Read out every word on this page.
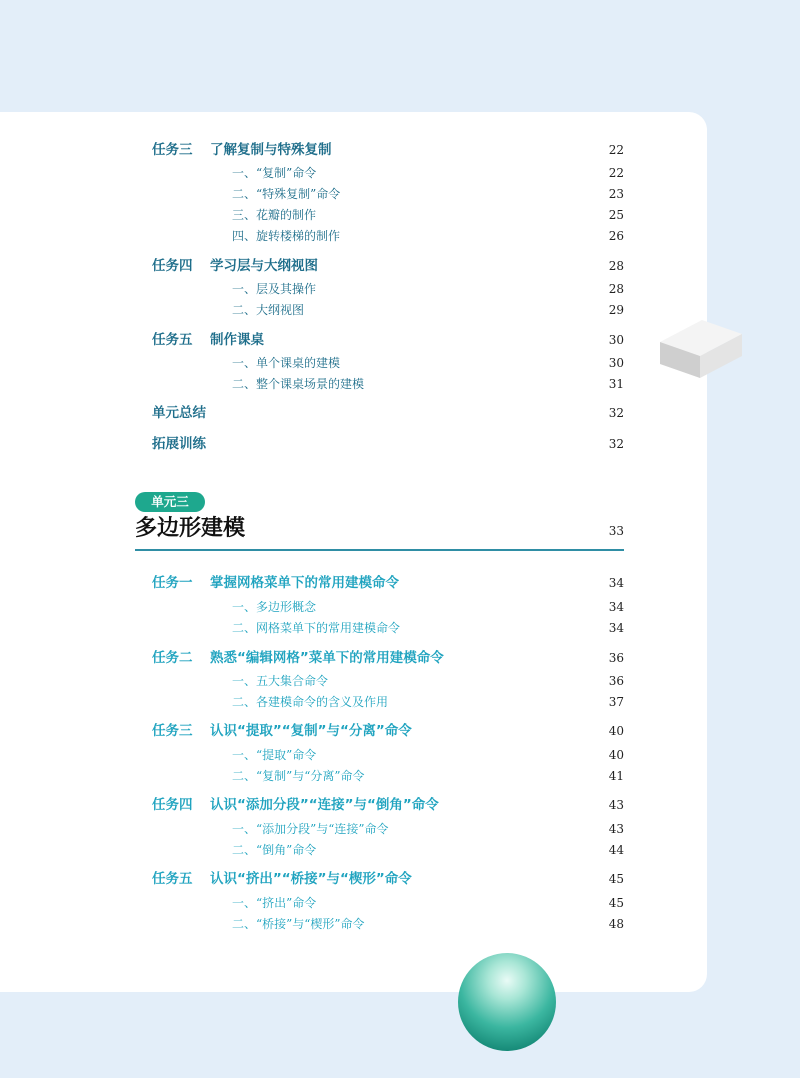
任务三 了解复制与特殊复制	22
一、“复制”命令	22
二、“特殊复制”命令	23
三、花瓣的制作	25
四、旋转楼梯的制作	26
任务四 学习层与大纲视图	28
一、层及其操作	28
二、大纲视图	29
任务五 制作课桌	30
一、单个课桌的建模	30
二、整个课桌场景的建模	31
单元总结	32
拓展训练	32
单元三
多边形建模	33
任务一 掌握网格菜单下的常用建模命令	34
一、多边形概念	34
二、网格菜单下的常用建模命令	34
任务二 熟悉“编辑网格”菜单下的常用建模命令	36
一、五大集合命令	36
二、各建模命令的含义及作用	37
任务三 认识“提取”“复制”与“分离”命令	40
一、“提取”命令	40
二、“复制”与“分离”命令	41
任务四 认识“添加分段”“连接”与“倒角”命令	43
一、“添加分段”与“连接”命令	43
二、“倒角”命令	44
任务五 认识“挤出”“桥接”与“楔形”命令	45
一、“挤出”命令	45
二、“桥接”与“楔形”命令	48
